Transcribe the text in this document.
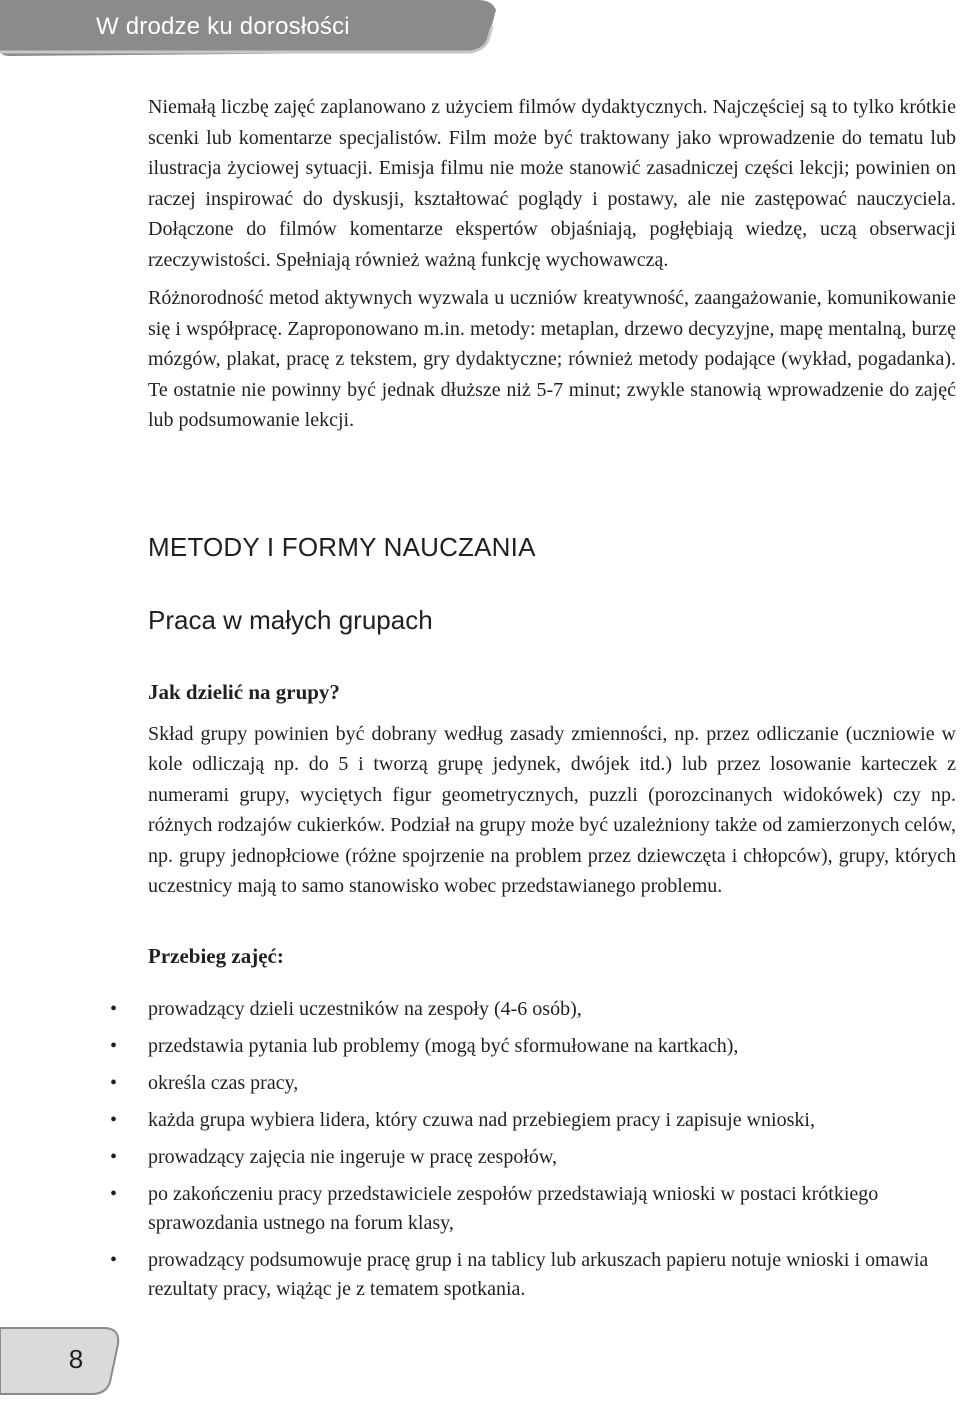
W drodze ku dorosłości

Niemałą liczbę zajęć zaplanowano z użyciem filmów dydaktycznych. Najczęściej są to tylko krótkie scenki lub komentarze specjalistów. Film może być traktowany jako wprowadzenie do tematu lub ilustracja życiowej sytuacji. Emisja filmu nie może stanowić zasadniczej części lekcji; powinien on raczej inspirować do dyskusji, kształtować poglądy i postawy, ale nie zastępować nauczyciela. Dołączone do filmów komentarze ekspertów objaśniają, pogłębiają wiedzę, uczą obserwacji rzeczywistości. Spełniają również ważną funkcję wychowawczą.

Różnorodność metod aktywnych wyzwala u uczniów kreatywność, zaangażowanie, komunikowanie się i współpracę. Zaproponowano m.in. metody: metaplan, drzewo decyzyjne, mapę mentalną, burzę mózgów, plakat, pracę z tekstem, gry dydaktyczne; również metody podające (wykład, pogadanka). Te ostatnie nie powinny być jednak dłuższe niż 5-7 minut; zwykle stanowią wprowadzenie do zajęć lub podsumowanie lekcji.

METODY I FORMY NAUCZANIA
Praca w małych grupach
Jak dzielić na grupy?

Skład grupy powinien być dobrany według zasady zmienności, np. przez odliczanie (uczniowie w kole odliczają np. do 5 i tworzą grupę jedynek, dwójek itd.) lub przez losowanie karteczek z numerami grupy, wyciętych figur geometrycznych, puzzli (porozcinanych widokówek) czy np. różnych rodzajów cukierków. Podział na grupy może być uzależniony także od zamierzonych celów, np. grupy jednopłciowe (różne spojrzenie na problem przez dziewczęta i chłopców), grupy, których uczestnicy mają to samo stanowisko wobec przedstawianego problemu.

Przebieg zajęć:
• prowadzący dzieli uczestników na zespoły (4-6 osób),
• przedstawia pytania lub problemy (mogą być sformułowane na kartkach),
• określa czas pracy,
• każda grupa wybiera lidera, który czuwa nad przebiegiem pracy i zapisuje wnioski,
• prowadzący zajęcia nie ingeruje w pracę zespołów,
• po zakończeniu pracy przedstawiciele zespołów przedstawiają wnioski w postaci krótkiego sprawozdania ustnego na forum klasy,
• prowadzący podsumowuje pracę grup i na tablicy lub arkuszach papieru notuje wnioski i omawia rezultaty pracy, wiążąc je z tematem spotkania.
8
